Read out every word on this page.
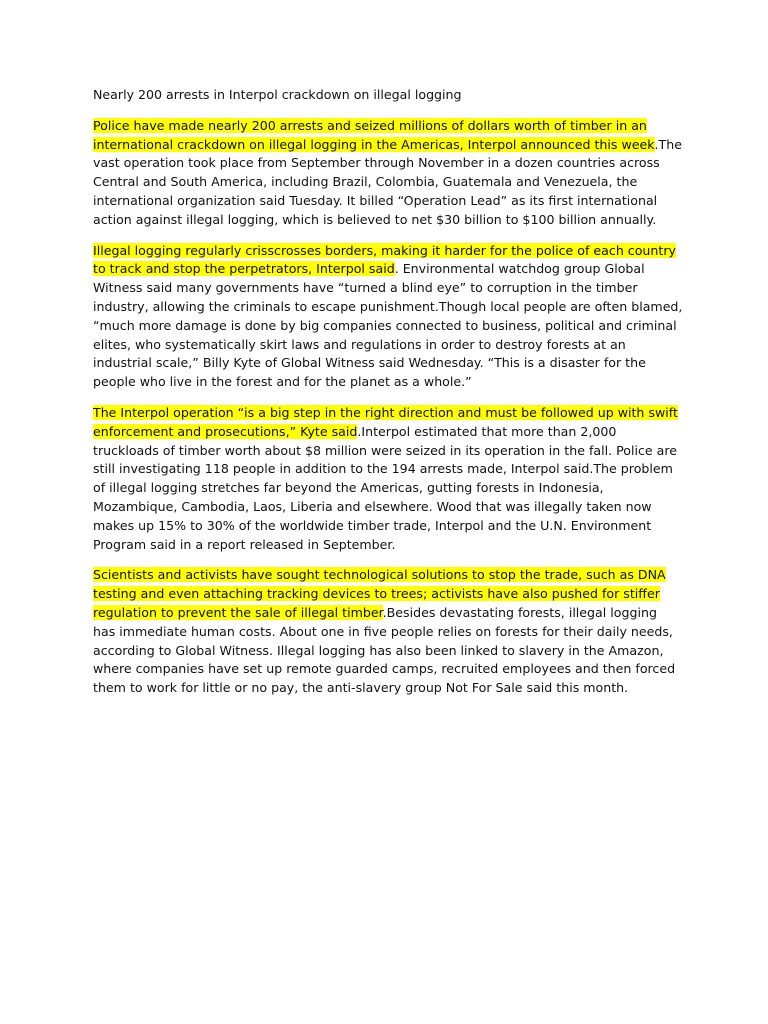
Nearly 200 arrests in Interpol crackdown on illegal logging

Police have made nearly 200 arrests and seized millions of dollars worth of timber in an international crackdown on illegal logging in the Americas, Interpol announced this week.The vast operation took place from September through November in a dozen countries across Central and South America, including Brazil, Colombia, Guatemala and Venezuela, the international organization said Tuesday. It billed “Operation Lead” as its first international action against illegal logging, which is believed to net $30 billion to $100 billion annually.

Illegal logging regularly crisscrosses borders, making it harder for the police of each country to track and stop the perpetrators, Interpol said. Environmental watchdog group Global Witness said many governments have “turned a blind eye” to corruption in the timber industry, allowing the criminals to escape punishment.Though local people are often blamed, “much more damage is done by big companies connected to business, political and criminal elites, who systematically skirt laws and regulations in order to destroy forests at an industrial scale,” Billy Kyte of Global Witness said Wednesday. “This is a disaster for the people who live in the forest and for the planet as a whole.”

The Interpol operation “is a big step in the right direction and must be followed up with swift enforcement and prosecutions,” Kyte said.Interpol estimated that more than 2,000 truckloads of timber worth about $8 million were seized in its operation in the fall. Police are still investigating 118 people in addition to the 194 arrests made, Interpol said.The problem of illegal logging stretches far beyond the Americas, gutting forests in Indonesia, Mozambique, Cambodia, Laos, Liberia and elsewhere. Wood that was illegally taken now makes up 15% to 30% of the worldwide timber trade, Interpol and the U.N. Environment Program said in a report released in September.

Scientists and activists have sought technological solutions to stop the trade, such as DNA testing and even attaching tracking devices to trees; activists have also pushed for stiffer regulation to prevent the sale of illegal timber.Besides devastating forests, illegal logging has immediate human costs. About one in five people relies on forests for their daily needs, according to Global Witness. Illegal logging has also been linked to slavery in the Amazon, where companies have set up remote guarded camps, recruited employees and then forced them to work for little or no pay, the anti-slavery group Not For Sale said this month.
